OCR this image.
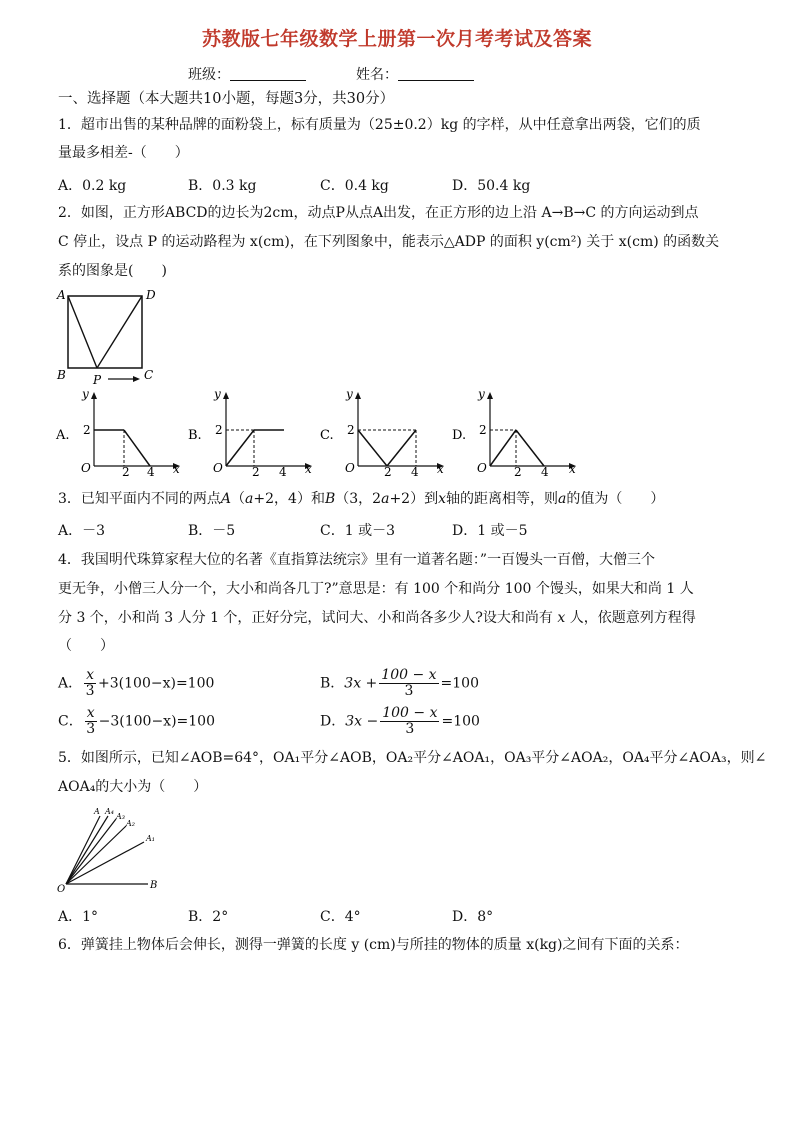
苏教版七年级数学上册第一次月考考试及答案
班级：	姓名：
一、选择题（本大题共10小题，每题3分，共30分）
1．超市出售的某种品牌的面粉袋上，标有质量为（25±0.2）kg 的字样，从中任意拿出两袋，它们的质
量最多相差-（　　）
A．0.2 kg	B．0.3 kg	C．0.4 kg	D．50.4 kg
2．如图，正方形ABCD的边长为2cm，动点P从点A出发，在正方形的边上沿 A→B→C 的方向运动到点
C 停止，设点 P 的运动路程为 x(cm)，在下列图象中，能表示△ADP 的面积 y(cm²) 关于 x(cm) 的函数关
系的图象是(　　)
A	D
B	C
P
A.
y
x
O
2
2 4
B.
y
x
O
2
2 4
C.
y
x
O
2
2 4
D.
y
x
O
2
2 4
3．已知平面内不同的两点A（a+2，4）和B（3，2a+2）到x轴的距离相等，则a的值为（　　）
A．－3	B．－5	C．1 或－3	D．1 或－5
4．我国明代珠算家程大位的名著《直指算法统宗》里有一道著名题：”一百馒头一百僧，大僧三个
更无争，小僧三人分一个，大小和尚各几丁?”意思是：有 100 个和尚分 100 个馒头，如果大和尚 1 人
分 3 个，小和尚 3 人分 1 个，正好分完，试问大、小和尚各多少人?设大和尚有 x 人，依题意列方程得
（　　）
A． $\frac{x}{3} +3(100-x)=100$	B．$3x + \frac{100 - x}{3} =100$
C． $\frac{x}{3} -3(100-x)=100$	D．$3x - \frac{100 - x}{3} =100$
5．如图所示，已知∠AOB=64°，OA₁平分∠AOB，OA₂平分∠AOA₁，OA₃平分∠AOA₂，OA₄平分∠AOA₃，则∠
AOA₄的大小为（　　）
O	B
A A₄
A₃
A₂
A₁
A．1°	B．2°	C．4°	D．8°
6．弹簧挂上物体后会伸长，测得一弹簧的长度 y (cm)与所挂的物体的质量 x(kg)之间有下面的关系：
